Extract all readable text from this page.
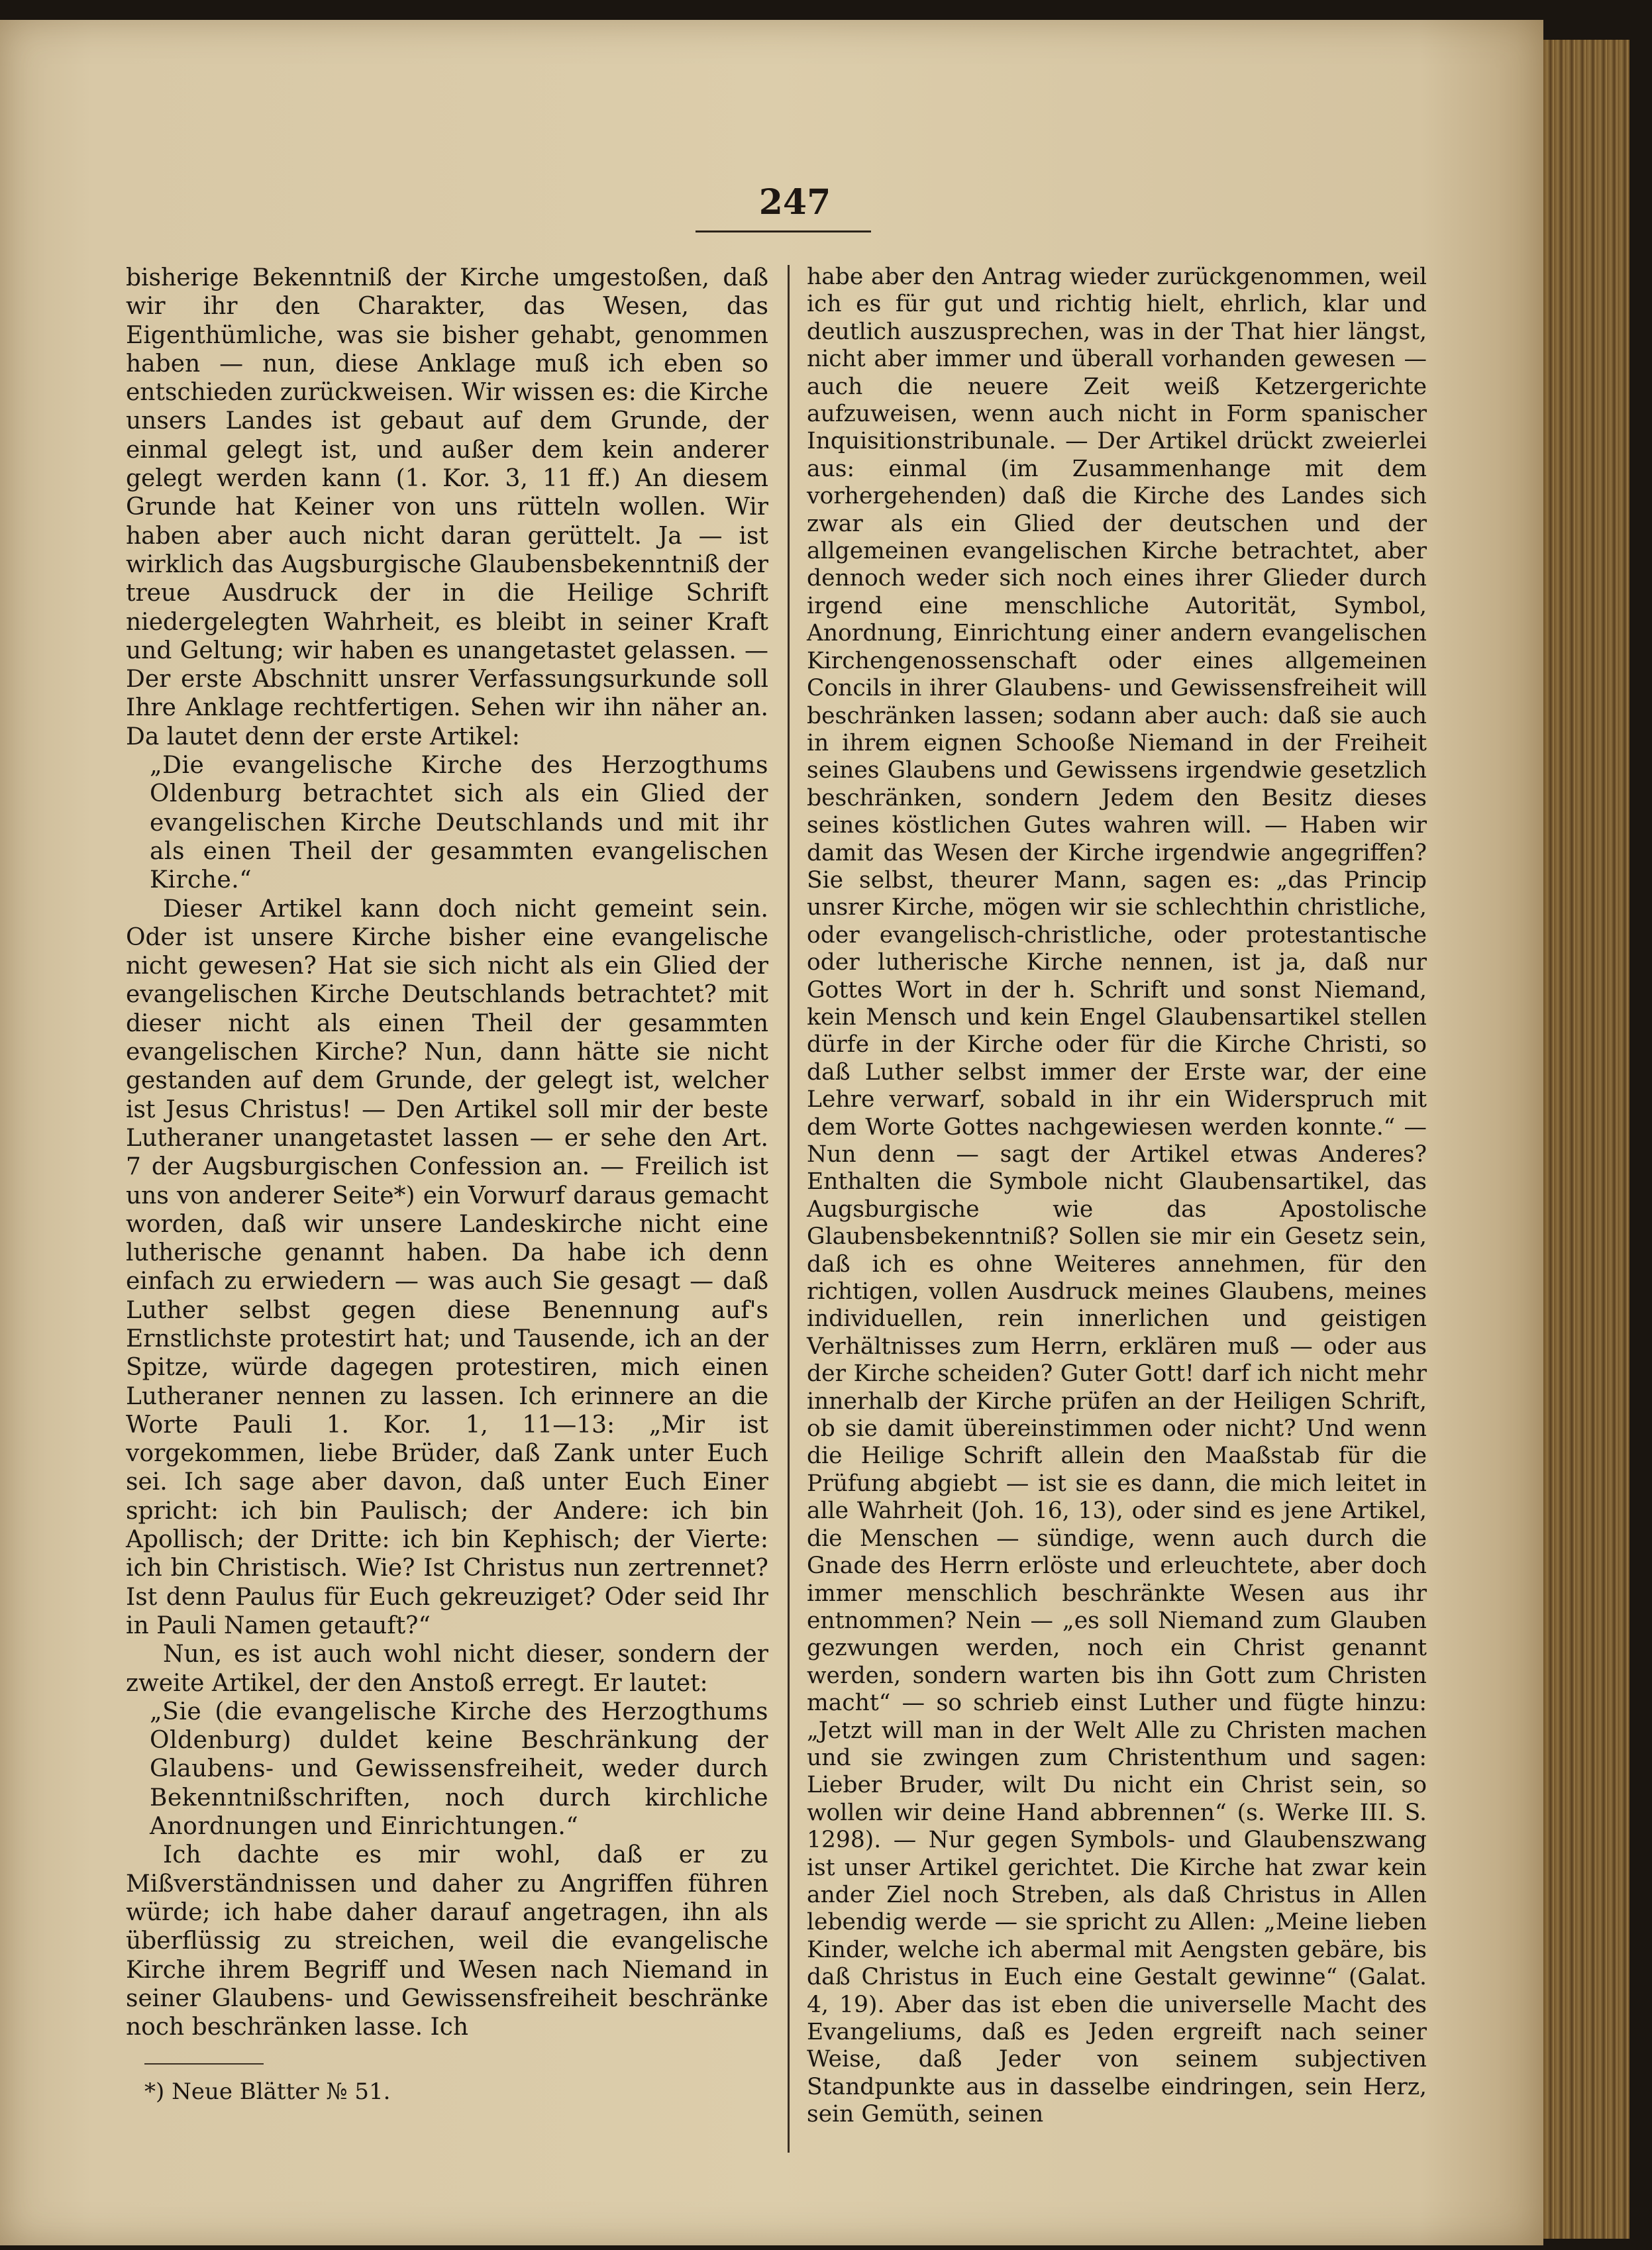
247

bisherige Bekenntniß der Kirche umgestoßen, daß wir ihr den Charakter, das Wesen, das Eigenthümliche, was sie bisher gehabt, genommen haben — nun, diese Anklage muß ich eben so entschieden zurückweisen. Wir wissen es: die Kirche unsers Landes ist gebaut auf dem Grunde, der einmal gelegt ist, und außer dem kein anderer gelegt werden kann (1. Kor. 3, 11 ff.) An diesem Grunde hat Keiner von uns rütteln wollen. Wir haben aber auch nicht daran gerüttelt. Ja — ist wirklich das Augsburgische Glaubensbekenntniß der treue Ausdruck der in die Heilige Schrift niedergelegten Wahrheit, es bleibt in seiner Kraft und Geltung; wir haben es unangetastet gelassen. — Der erste Abschnitt unsrer Verfassungsurkunde soll Ihre Anklage rechtfertigen. Sehen wir ihn näher an. Da lautet denn der erste Artikel:

„Die evangelische Kirche des Herzogthums Oldenburg betrachtet sich als ein Glied der evangelischen Kirche Deutschlands und mit ihr als einen Theil der gesammten evangelischen Kirche.“

Dieser Artikel kann doch nicht gemeint sein. Oder ist unsere Kirche bisher eine evangelische nicht gewesen? Hat sie sich nicht als ein Glied der evangelischen Kirche Deutschlands betrachtet? mit dieser nicht als einen Theil der gesammten evangelischen Kirche? Nun, dann hätte sie nicht gestanden auf dem Grunde, der gelegt ist, welcher ist Jesus Christus! — Den Artikel soll mir der beste Lutheraner unangetastet lassen — er sehe den Art. 7 der Augsburgischen Confession an. — Freilich ist uns von anderer Seite*) ein Vorwurf daraus gemacht worden, daß wir unsere Landeskirche nicht eine lutherische genannt haben. Da habe ich denn einfach zu erwiedern — was auch Sie gesagt — daß Luther selbst gegen diese Benennung auf's Ernstlichste protestirt hat; und Tausende, ich an der Spitze, würde dagegen protestiren, mich einen Lutheraner nennen zu lassen. Ich erinnere an die Worte Pauli 1. Kor. 1, 11—13: „Mir ist vorgekommen, liebe Brüder, daß Zank unter Euch sei. Ich sage aber davon, daß unter Euch Einer spricht: ich bin Paulisch; der Andere: ich bin Apollisch; der Dritte: ich bin Kephisch; der Vierte: ich bin Christisch. Wie? Ist Christus nun zertrennet? Ist denn Paulus für Euch gekreuziget? Oder seid Ihr in Pauli Namen getauft?“

Nun, es ist auch wohl nicht dieser, sondern der zweite Artikel, der den Anstoß erregt. Er lautet:

„Sie (die evangelische Kirche des Herzogthums Oldenburg) duldet keine Beschränkung der Glaubens- und Gewissensfreiheit, weder durch Bekenntnißschriften, noch durch kirchliche Anordnungen und Einrichtungen.“

Ich dachte es mir wohl, daß er zu Mißverständnissen und daher zu Angriffen führen würde; ich habe daher darauf angetragen, ihn als überflüssig zu streichen, weil die evangelische Kirche ihrem Begriff und Wesen nach Niemand in seiner Glaubens- und Gewissensfreiheit beschränke noch beschränken lasse. Ich

habe aber den Antrag wieder zurückgenommen, weil ich es für gut und richtig hielt, ehrlich, klar und deutlich auszusprechen, was in der That hier längst, nicht aber immer und überall vorhanden gewesen — auch die neuere Zeit weiß Ketzergerichte aufzuweisen, wenn auch nicht in Form spanischer Inquisitionstribunale. — Der Artikel drückt zweierlei aus: einmal (im Zusammenhange mit dem vorhergehenden) daß die Kirche des Landes sich zwar als ein Glied der deutschen und der allgemeinen evangelischen Kirche betrachtet, aber dennoch weder sich noch eines ihrer Glieder durch irgend eine menschliche Autorität, Symbol, Anordnung, Einrichtung einer andern evangelischen Kirchengenossenschaft oder eines allgemeinen Concils in ihrer Glaubens- und Gewissensfreiheit will beschränken lassen; sodann aber auch: daß sie auch in ihrem eignen Schooße Niemand in der Freiheit seines Glaubens und Gewissens irgendwie gesetzlich beschränken, sondern Jedem den Besitz dieses seines köstlichen Gutes wahren will. — Haben wir damit das Wesen der Kirche irgendwie angegriffen? Sie selbst, theurer Mann, sagen es: „das Princip unsrer Kirche, mögen wir sie schlechthin christliche, oder evangelisch-christliche, oder protestantische oder lutherische Kirche nennen, ist ja, daß nur Gottes Wort in der h. Schrift und sonst Niemand, kein Mensch und kein Engel Glaubensartikel stellen dürfe in der Kirche oder für die Kirche Christi, so daß Luther selbst immer der Erste war, der eine Lehre verwarf, sobald in ihr ein Widerspruch mit dem Worte Gottes nachgewiesen werden konnte.“ — Nun denn — sagt der Artikel etwas Anderes? Enthalten die Symbole nicht Glaubensartikel, das Augsburgische wie das Apostolische Glaubensbekenntniß? Sollen sie mir ein Gesetz sein, daß ich es ohne Weiteres annehmen, für den richtigen, vollen Ausdruck meines Glaubens, meines individuellen, rein innerlichen und geistigen Verhältnisses zum Herrn, erklären muß — oder aus der Kirche scheiden? Guter Gott! darf ich nicht mehr innerhalb der Kirche prüfen an der Heiligen Schrift, ob sie damit übereinstimmen oder nicht? Und wenn die Heilige Schrift allein den Maaßstab für die Prüfung abgiebt — ist sie es dann, die mich leitet in alle Wahrheit (Joh. 16, 13), oder sind es jene Artikel, die Menschen — sündige, wenn auch durch die Gnade des Herrn erlöste und erleuchtete, aber doch immer menschlich beschränkte Wesen aus ihr entnommen? Nein — „es soll Niemand zum Glauben gezwungen werden, noch ein Christ genannt werden, sondern warten bis ihn Gott zum Christen macht“ — so schrieb einst Luther und fügte hinzu: „Jetzt will man in der Welt Alle zu Christen machen und sie zwingen zum Christenthum und sagen: Lieber Bruder, wilt Du nicht ein Christ sein, so wollen wir deine Hand abbrennen“ (s. Werke III. S. 1298). — Nur gegen Symbols- und Glaubenszwang ist unser Artikel gerichtet. Die Kirche hat zwar kein ander Ziel noch Streben, als daß Christus in Allen lebendig werde — sie spricht zu Allen: „Meine lieben Kinder, welche ich abermal mit Aengsten gebäre, bis daß Christus in Euch eine Gestalt gewinne“ (Galat. 4, 19). Aber das ist eben die universelle Macht des Evangeliums, daß es Jeden ergreift nach seiner Weise, daß Jeder von seinem subjectiven Standpunkte aus in dasselbe eindringen, sein Herz, sein Gemüth, seinen

*) Neue Blätter № 51.
